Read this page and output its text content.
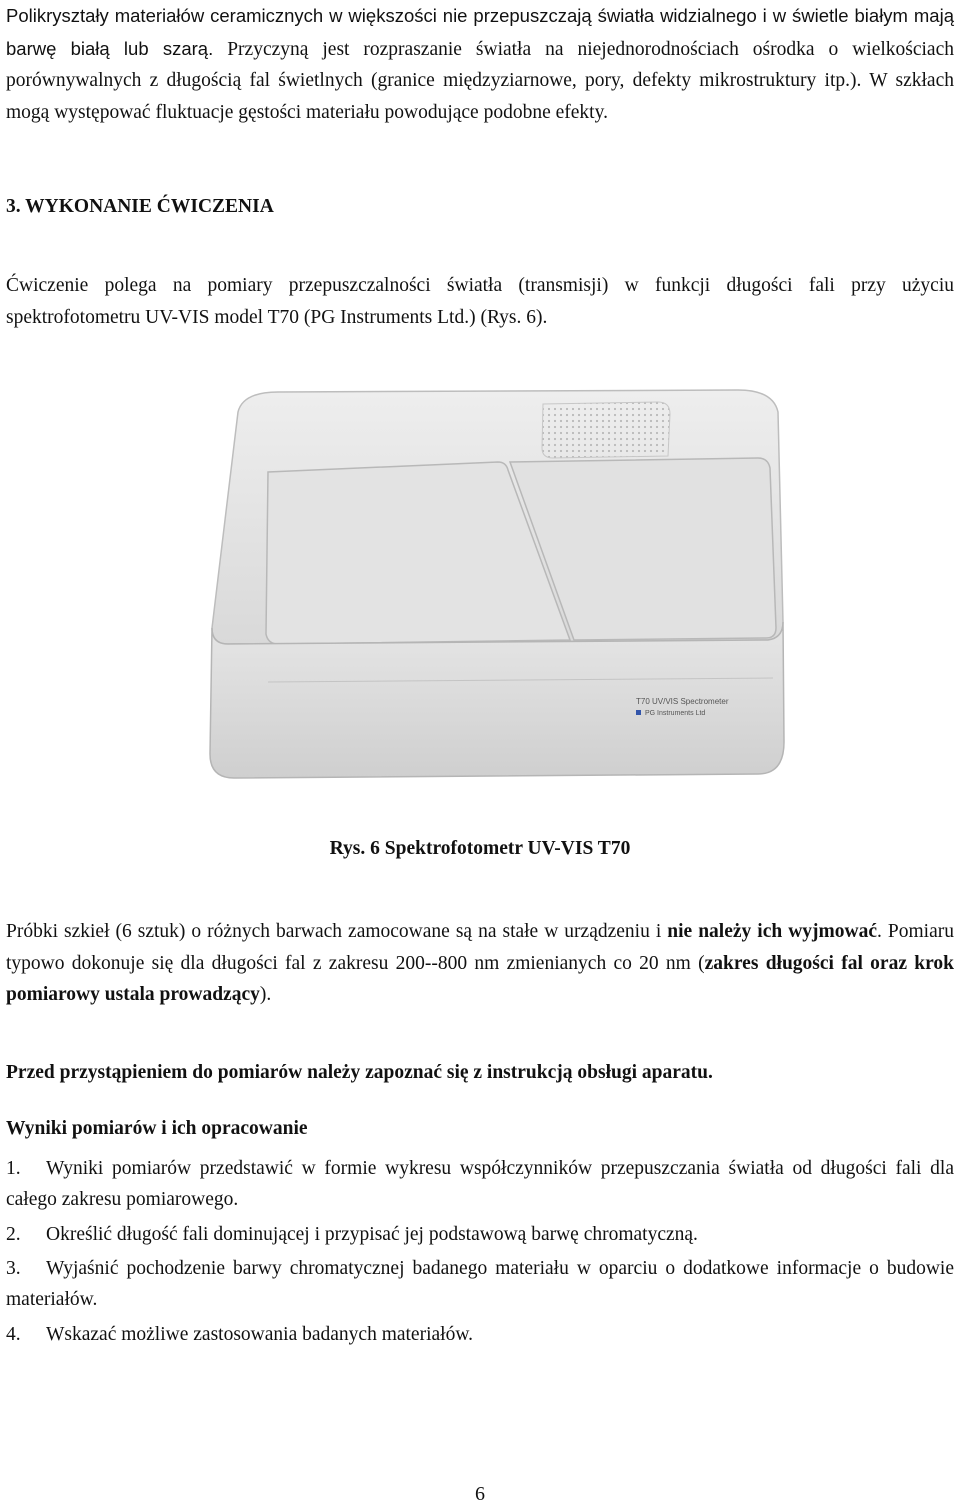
Polikryształy materiałów ceramicznych w większości nie przepuszczają światła widzialnego i w świetle białym mają barwę białą lub szarą. Przyczyną jest rozpraszanie światła na niejednorodnościach ośrodka o wielkościach porównywalnych z długością fal świetlnych (granice międzyziarnowe, pory, defekty mikrostruktury itp.). W szkłach mogą występować fluktuacje gęstości materiału powodujące podobne efekty.

3. WYKONANIE ĆWICZENIA

Ćwiczenie polega na pomiary przepuszczalności światła (transmisji) w funkcji długości fali przy użyciu spektrofotometru UV-VIS model T70 (PG Instruments Ltd.) (Rys. 6).

T70 UV/VIS Spectrometer
PG Instruments Ltd

Rys. 6 Spektrofotometr UV-VIS T70

Próbki szkieł (6 sztuk) o różnych barwach zamocowane są na stałe w urządzeniu i nie należy ich wyjmować. Pomiaru typowo dokonuje się dla długości fal z zakresu 200--800 nm zmienianych co 20 nm (zakres długości fal oraz krok pomiarowy ustala prowadzący).

Przed przystąpieniem do pomiarów należy zapoznać się z instrukcją obsługi aparatu.

Wyniki pomiarów i ich opracowanie

1. Wyniki pomiarów przedstawić w formie wykresu współczynników przepuszczania światła od długości fali dla całego zakresu pomiarowego.

2. Określić długość fali dominującej i przypisać jej podstawową barwę chromatyczną.

3. Wyjaśnić pochodzenie barwy chromatycznej badanego materiału w oparciu o dodatkowe informacje o budowie materiałów.

4. Wskazać możliwe zastosowania badanych materiałów.

6
